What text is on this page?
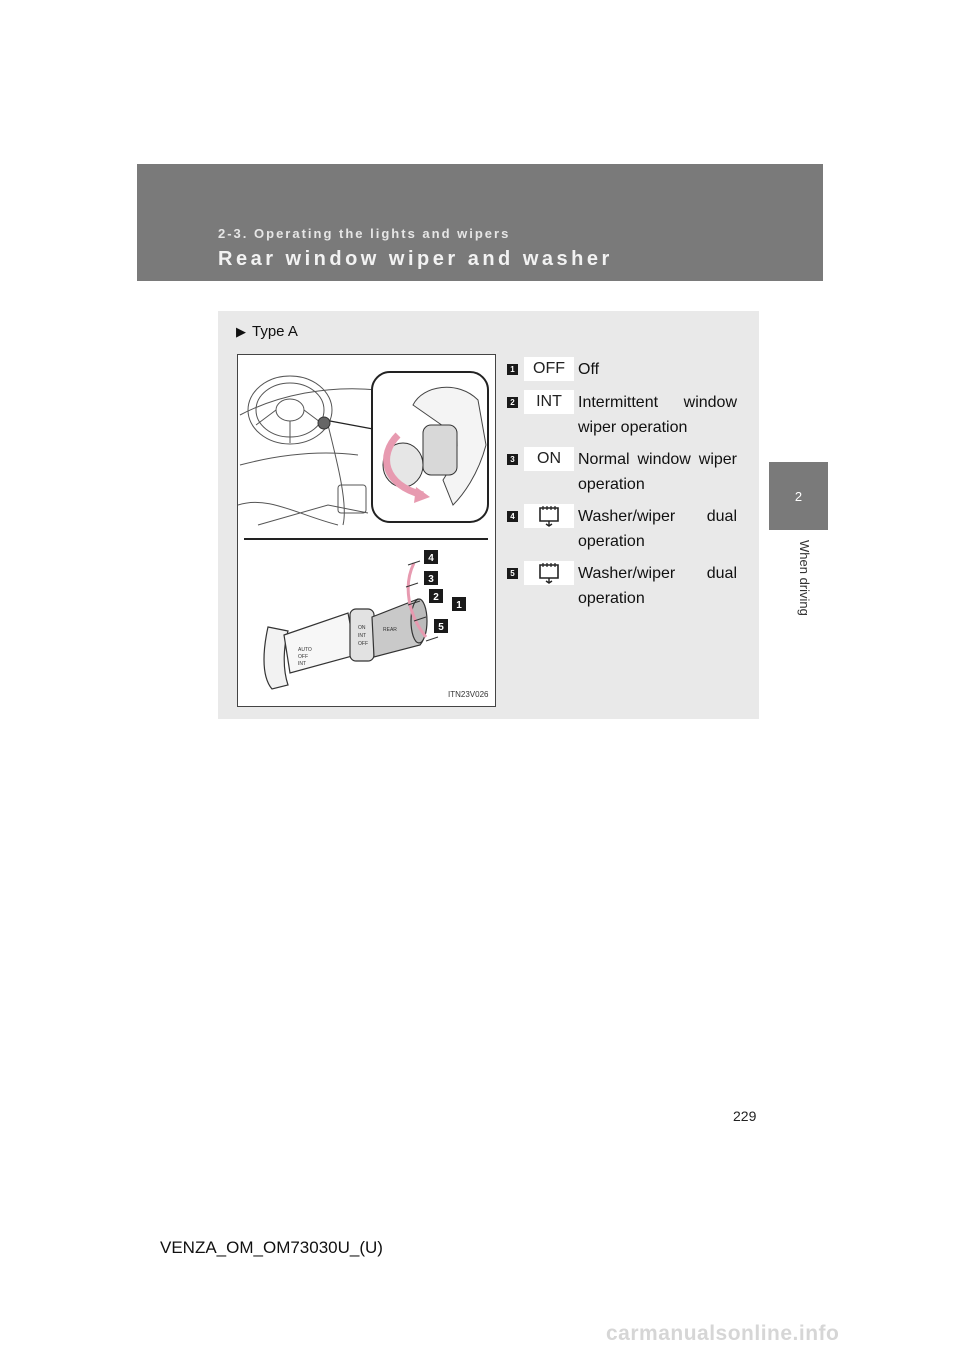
2-3. Operating the lights and wipers
Rear window wiper and washer
2
When driving
▶ Type A
AUTO
OFF
INT
ON
INT
OFF
REAR
4
3
2
1
5
ITN23V026
1	OFF Off
2	INT	Intermittent window wiper operation
3	ON	Normal window wiper operation
4	Washer/wiper dual operation
5	Washer/wiper dual operation
229
VENZA_OM_OM73030U_(U)
carmanualsonline.info
